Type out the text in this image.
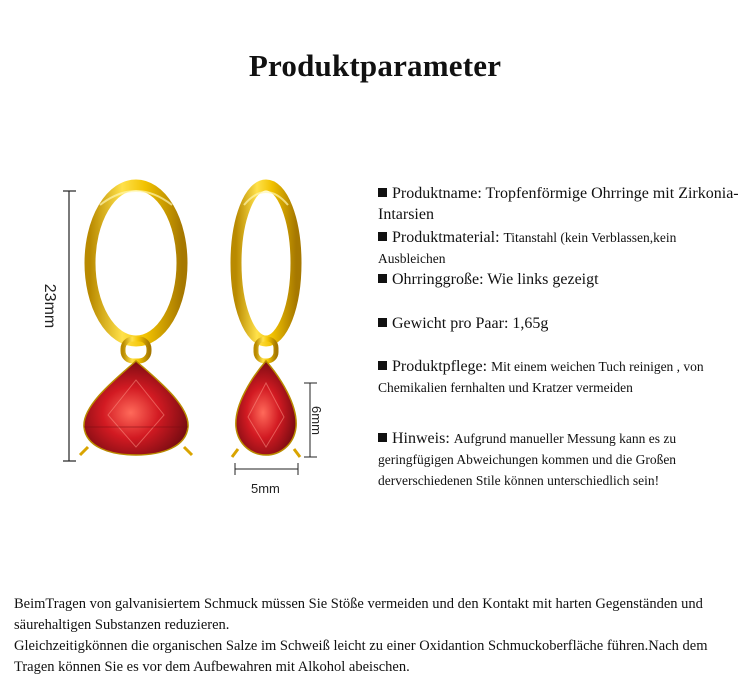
Produktparameter
23mm
6mm
5mm
Produktname: Tropfenförmige Ohrringe mit Zirkonia-Intarsien
Produktmaterial: Titanstahl (kein Verblassen,kein Ausbleichen
Ohrringgroße: Wie links gezeigt
Gewicht pro Paar: 1,65g
Produktpflege: Mit einem weichen Tuch reinigen , von Chemikalien fernhalten und Kratzer vermeiden
Hinweis: Aufgrund manueller Messung kann es zu geringfügigen Abweichungen kommen und die Großen derverschiedenen Stile können unterschiedlich sein!
BeimTragen von galvanisiertem Schmuck müssen Sie Stöße vermeiden und den Kontakt mit harten Gegenständen und säurehaltigen Substanzen reduzieren.
Gleichzeitigkönnen die organischen Salze im Schweiß leicht zu einer Oxidantion Schmuckoberfläche führen.Nach dem Tragen können Sie es vor dem Aufbewahren mit Alkohol abeischen.
